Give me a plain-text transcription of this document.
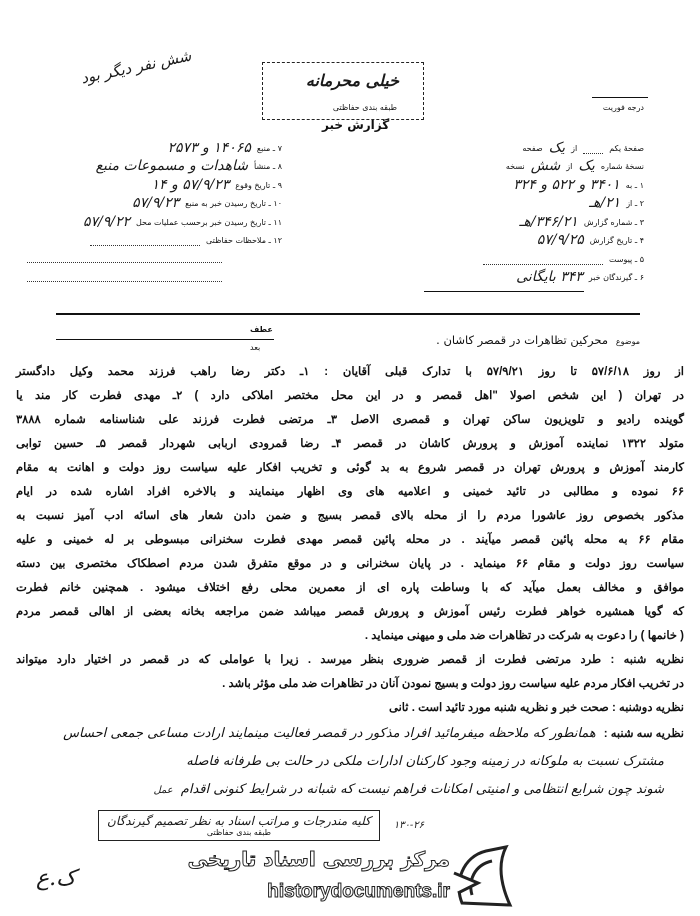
شش نفر دیگر بود	خیلی محرمانه
طبقه بندی حفاظتی	درجه فوریت
گزارش خبر
صفحهٔ یکم
از
یک
صفحه
نسخهٔ شماره
یک
از
شش
نسخه
۱ ـ به
۳۴۰۱ و ۵۲۲ و ۳۲۴
۲ ـ از
۲۱/هـ
۳ ـ شماره گزارش
۳۴۶/۲۱/هـ
۴ ـ تاریخ گزارش
۵۷/۹/۲۵
۵ ـ پیوست
۶ ـ گیرندگان خبر
۳۴۳ بایگانی
۷ ـ منبع
۱۴۰۶۵ و ۲۵۷۳
۸ ـ منشأ
شاهدات و مسموعات منبع
۹ ـ تاریخ وقوع
۵۷/۹/۲۳ و ۱۴
۱۰ ـ تاریخ رسیدن خبر به منبع
۵۷/۹/۲۳
۱۱ ـ تاریخ رسیدن خبر برحسب عملیات محل
۵۷/۹/۲۲
۱۲ ـ ملاحظات حفاظتی
موضوع
محرکین تظاهرات در قمصر کاشان .
عطف
بعد
از روز ۵۷/۶/۱۸ تا روز ۵۷/۹/۲۱ با تدارک قبلی آقایان : ۱ـ دکتر رضا راهب فرزند محمد وکیل دادگستر
در تهران ( این شخص اصولا "اهل قمصر و در این محل مختصر املاکی دارد ) ۲ـ مهدی فطرت کار مند یا
گوینده رادیو و تلویزیون ساکن تهران و قمصری الاصل ۳ـ مرتضی فطرت فرزند علی شناسنامه شماره ۳۸۸۸
متولد ۱۳۲۲ نماینده آموزش و پرورش کاشان در قمصر ۴ـ رضا قمرودی اربابی شهردار قمصر ۵ـ حسین توابی
کارمند آموزش و پرورش تهران در قمصر شروع به بد گوئی و تخریب افکار علیه سیاست روز دولت و اهانت به مقام
۶۶ نموده و مطالبی در تائید خمینی و اعلامیه های وی اظهار مینمایند و بالاخره افراد اشاره شده در ایام
مذکور بخصوص روز عاشورا مردم را از محله بالای قمصر بسیج و ضمن دادن شعار های اسائه ادب آمیز نسبت به
مقام ۶۶ به محله پائین قمصر میآیند . در محله پائین قمصر مهدی فطرت سخنرانی مبسوطی بر له خمینی و علیه
سیاست روز دولت و مقام ۶۶ مینماید . در پایان سخنرانی و در موقع متفرق شدن مردم اصطکاک مختصری بین دسته
موافق و مخالف بعمل میآید که با وساطت پاره ای از معمرین محلی رفع اختلاف میشود . همچنین خانم فطرت
که گویا همشیره خواهر فطرت رئیس آموزش و پرورش قمصر میباشد ضمن مراجعه بخانه بعضی از اهالی قمصر مردم
( خانمها ) را دعوت به شرکت در تظاهرات ضد ملی و میهنی مینماید .
نظریه شنبه : طرد مرتضی فطرت از قمصر ضروری بنظر میرسد . زیرا با عواملی که در قمصر در اختیار دارد میتواند
در تخریب افکار مردم علیه سیاست روز دولت و بسیج نمودن آنان در تظاهرات ضد ملی مؤثر باشد .
نظریه دوشنبه : صحت خبر و نظریه شنبه مورد تائید است . ثانی
نظریه سه شنبه :
همانطور که ملاحظه میفرمائید افراد مذکور در قمصر فعالیت مینمایند ارادت مساعی جمعی احساس
مشترک نسبت به ملوکانه در زمینه وجود کارکنان ادارات ملکی در حالت بی طرفانه فاصله
شوند چون شرایع انتظامی و امنیتی امکانات فراهم نیست که شبانه در شرایط کنونی اقدام
عمل
۱۳۰-۲۶
کلیه مندرجات و مراتب اسناد به نظر تصمیم گیرندگان
طبقه بندی حفاظتی
مرکز بررسی اسناد تاریخی
historydocuments.ir
ک.ع
